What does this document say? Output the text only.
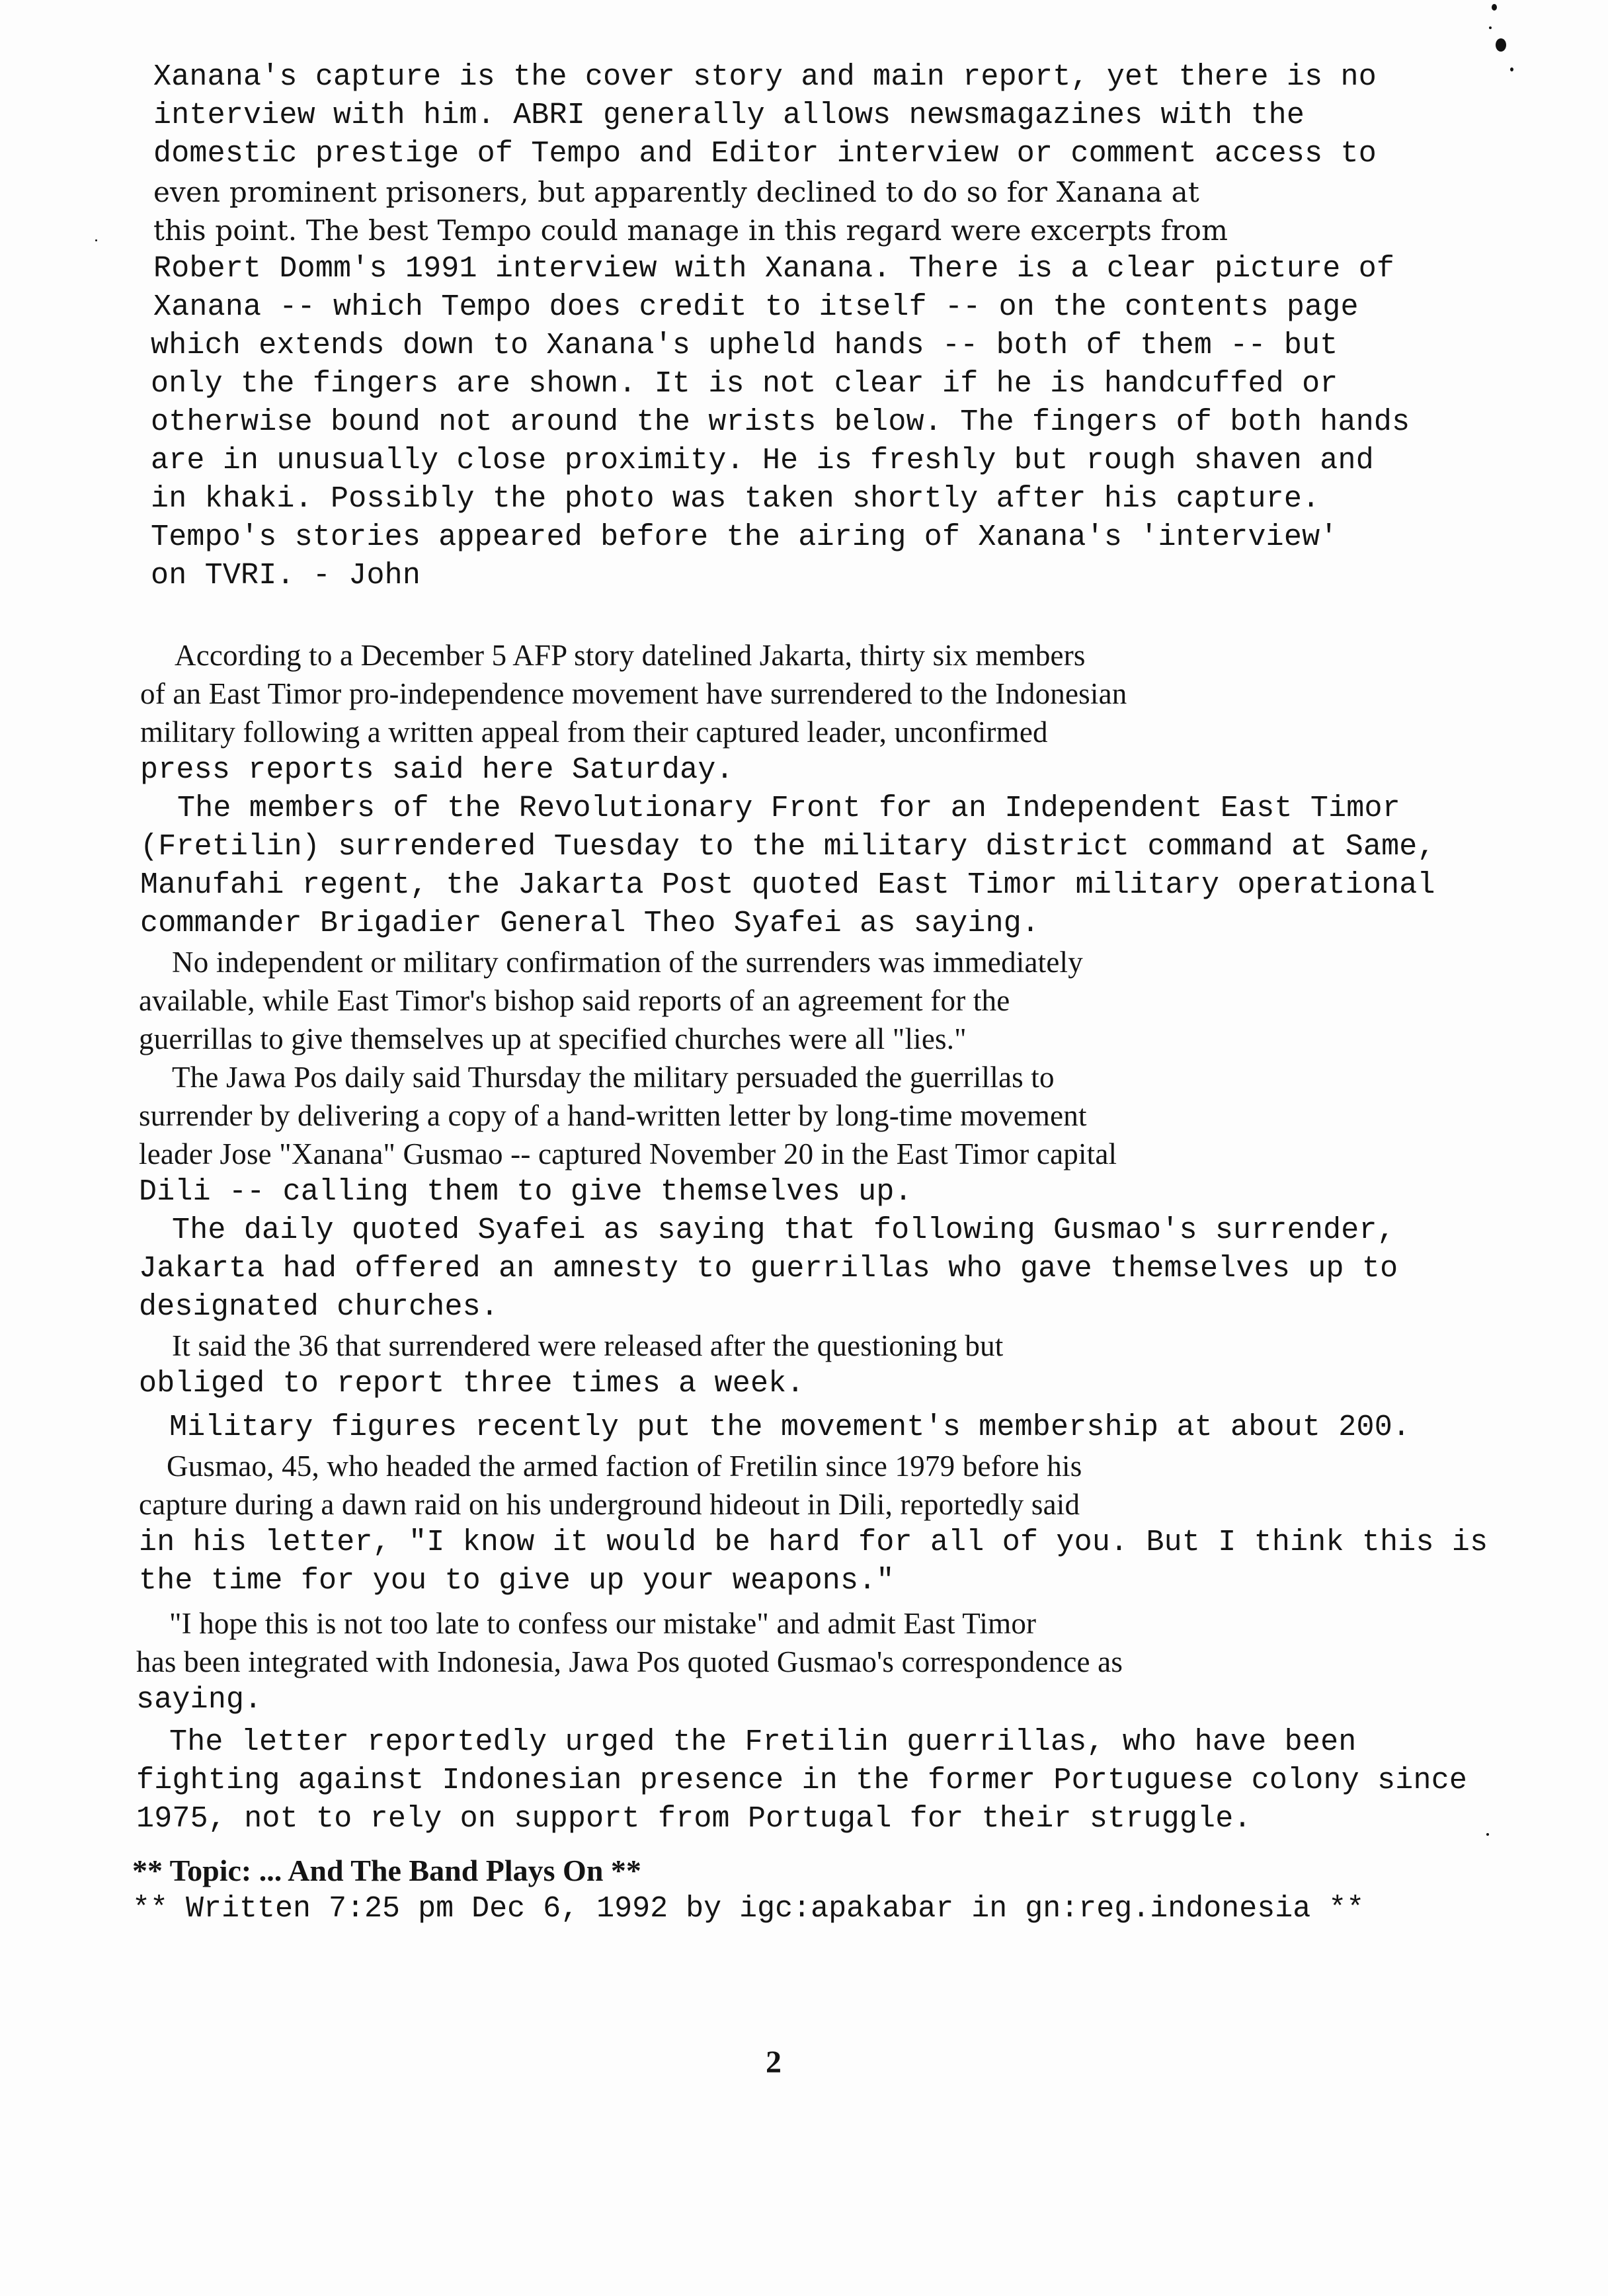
Xanana's capture is the cover story and main report, yet there is no
interview with him. ABRI generally allows newsmagazines with the
domestic prestige of Tempo and Editor interview or comment access to
even prominent prisoners, but apparently declined to do so for Xanana at
this point. The best Tempo could manage in this regard were excerpts from
Robert Domm's 1991 interview with Xanana. There is a clear picture of
Xanana -- which Tempo does credit to itself -- on the contents page
which extends down to Xanana's upheld hands -- both of them -- but
only the fingers are shown. It is not clear if he is handcuffed or
otherwise bound not around the wrists below. The fingers of both hands
are in unusually close proximity. He is freshly but rough shaven and
in khaki. Possibly the photo was taken shortly after his capture.
Tempo's stories appeared before the airing of Xanana's 'interview'
on TVRI. - John
According to a December 5 AFP story datelined Jakarta, thirty six members
of an East Timor pro-independence movement have surrendered to the Indonesian
military following a written appeal from their captured leader, unconfirmed
press reports said here Saturday.
The members of the Revolutionary Front for an Independent East Timor
(Fretilin) surrendered Tuesday to the military district command at Same,
Manufahi regent, the Jakarta Post quoted East Timor military operational
commander Brigadier General Theo Syafei as saying.
No independent or military confirmation of the surrenders was immediately
available, while East Timor's bishop said reports of an agreement for the
guerrillas to give themselves up at specified churches were all "lies."
The Jawa Pos daily said Thursday the military persuaded the guerrillas to
surrender by delivering a copy of a hand-written letter by long-time movement
leader Jose "Xanana" Gusmao -- captured November 20 in the East Timor capital
Dili -- calling them to give themselves up.
The daily quoted Syafei as saying that following Gusmao's surrender,
Jakarta had offered an amnesty to guerrillas who gave themselves up to
designated churches.
It said the 36 that surrendered were released after the questioning but
obliged to report three times a week.
Military figures recently put the movement's membership at about 200.
Gusmao, 45, who headed the armed faction of Fretilin since 1979 before his
capture during a dawn raid on his underground hideout in Dili, reportedly said
in his letter, "I know it would be hard for all of you. But I think this is
the time for you to give up your weapons."
"I hope this is not too late to confess our mistake" and admit East Timor
has been integrated with Indonesia, Jawa Pos quoted Gusmao's correspondence as
saying.
The letter reportedly urged the Fretilin guerrillas, who have been
fighting against Indonesian presence in the former Portuguese colony since
1975, not to rely on support from Portugal for their struggle.
** Topic: ... And The Band Plays On **
** Written 7:25 pm Dec 6, 1992 by igc:apakabar in gn:reg.indonesia **
2
